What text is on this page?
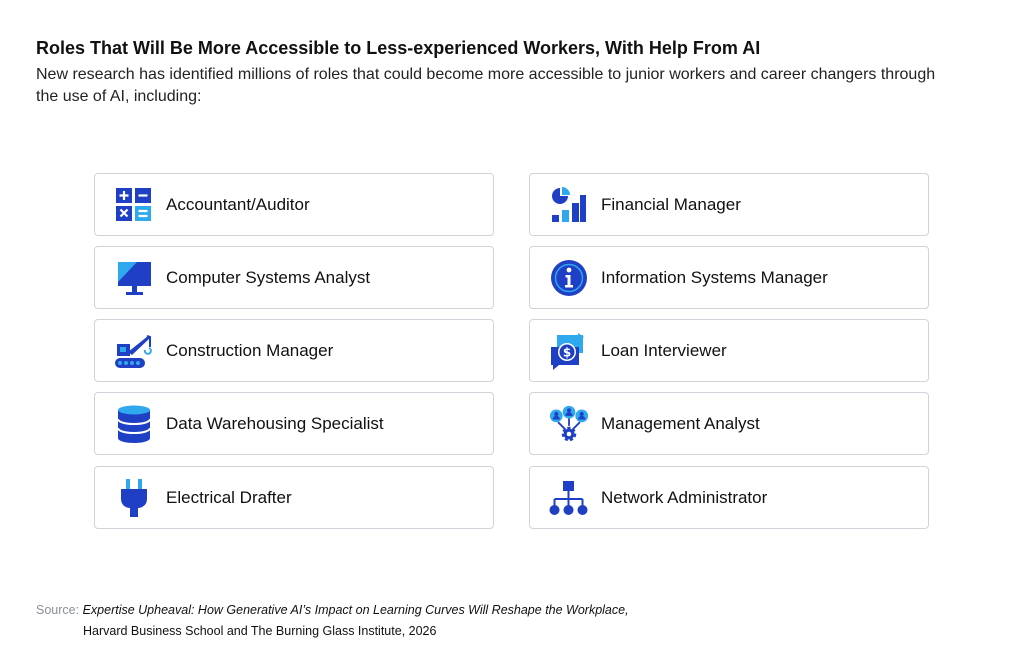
Roles That Will Be More Accessible to Less-experienced Workers, With Help From AI
New research has identified millions of roles that could become more accessible to junior workers and career changers through the use of AI, including:
Accountant/Auditor	Financial Manager
Computer Systems Analyst	Information Systems Manager
Construction Manager	$ Loan Interviewer
Data Warehousing Specialist	Management Analyst
Electrical Drafter	Network Administrator
Source: Expertise Upheaval: How Generative AI’s Impact on Learning Curves Will Reshape the Workplace,
Harvard Business School and The Burning Glass Institute, 2026
